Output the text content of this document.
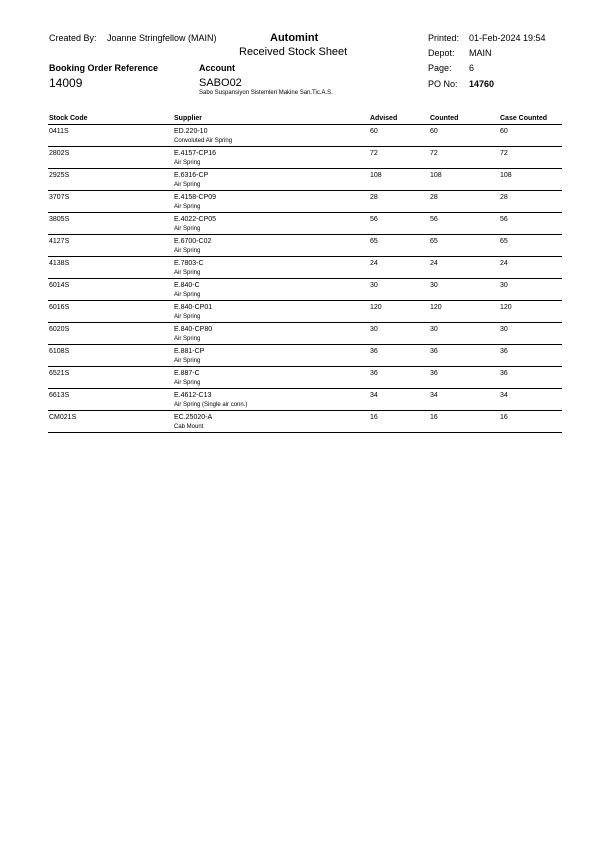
Created By: Joanne Stringfellow (MAIN)	Automint
Received Stock Sheet
Printed: 01-Feb-2024 19:54
Depot: MAIN
Page: 6
Booking Order Reference
14009
Account
SABO02
Sabo Suspansiyon Sistemleri Makine San.Tic.A.S.
PO No: 14760
Stock Code	Supplier	Advised	Counted	Case Counted
0411S	ED.220-10	60	60	60
Convoluted Air Spring
2802S	E.4157-CP16	72	72	72
Air Spring
2925S	E.6316-CP	108	108	108
Air Spring
3707S	E.4158-CP09	28	28	28
Air Spring
3805S	E.4022-CP05	56	56	56
Air Spring
4127S	E.6700-C02	65	65	65
Air Spring
4138S	E.7803-C	24	24	24
Air Spring
6014S	E.840-C	30	30	30
Air Spring
6016S	E.840-CP01	120	120	120
Air Spring
6020S	E.840-CP80	30	30	30
Air Spring
6108S	E.881-CP	36	36	36
Air Spring
6521S	E.887-C	36	36	36
Air Spring
6613S	E.4612-C13	34	34	34
Air Spring (Single air conn.)
CM021S	EC.25020-A	16	16	16
Cab Mount
